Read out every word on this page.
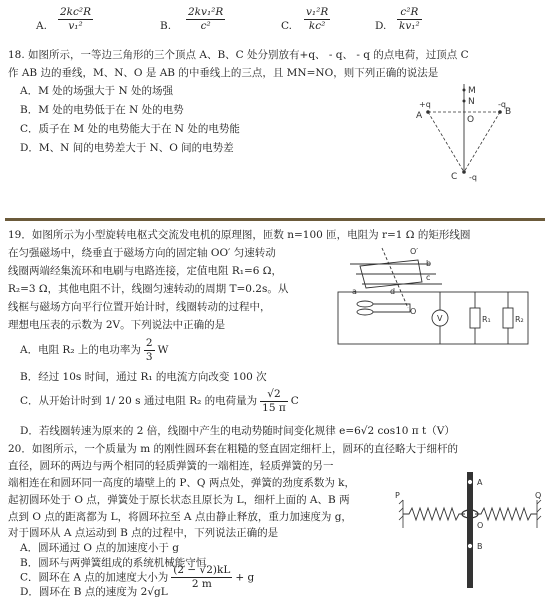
A. $\frac{\text{2kc²R}}{\text{v₁²}}$	B. $\frac{\text{2kv₁²R}}{\text{c²}}$	C. $\frac{\text{v₁²R}}{\text{kc²}}$	D. $\frac{\text{c²R}}{\text{kv₁²}}$
18. 如图所示，一等边三角形的三个顶点 A、B、C 处分别放有+q、 - q、 - q 的点电荷，过顶点 C
作 AB 边的垂线，M、N、O 是 AB 的中垂线上的三点，且 MN=NO，则下列正确的说法是
A．M 处的场强大于 N 处的场强
B．M 处的电势低于在 N 处的电势
C．质子在 M 处的电势能大于在 N 处的电势能
D．M、N 间的电势差大于 N、O 间的电势差
M
N
O
A	B
C
+q	-q
-q
19．如图所示为小型旋转电枢式交流发电机的原理图，匝数 n=100 匝，电阻为 r=1 Ω 的矩形线圈
在匀强磁场中，绕垂直于磁场方向的固定轴 OO′ 匀速转动
线圈两端经集流环和电刷与电路连接，定值电阻 R₁=6 Ω，
R₂=3 Ω，其他电阻不计，线圈匀速转动的周期 T=0.2s。从
线框与磁场方向平行位置开始计时，线圈转动的过程中，
理想电压表的示数为 2V。下列说法中正确的是
A．电阻 R₂ 上的电功率为 $\frac{2}{3}$ W
B．经过 10s 时间，通过 R₁ 的电流方向改变 100 次
C．从开始计时到 1/ 20 s 通过电阻 R₂ 的电荷量为 $\frac{√2}{15 \pi}$ C
D．若线圈转速为原来的 2 倍，线圈中产生的电动势随时间变化规律 e=6√2 cos10 π t（V）
O′
O
b
c
a	d
V	R₁	R₂
20．如图所示，一个质量为 m 的刚性圆环套在粗糙的竖直固定细杆上，圆环的直径略大于细杆的
直径，圆环的两边与两个相同的轻质弹簧的一端相连，轻质弹簧的另一
端相连在和圆环同一高度的墙壁上的 P、Q 两点处，弹簧的劲度系数为 k，
起初圆环处于 O 点，弹簧处于原长状态且原长为 L，细杆上面的 A、B 两
点到 O 点的距离都为 L，将圆环拉至 A 点由静止释放，重力加速度为 g，
对于圆环从 A 点运动到 B 点的过程中，下列说法正确的是
A．圆环通过 O 点的加速度小于 g
B．圆环与两弹簧组成的系统机械能守恒
C．圆环在 A 点的加速度大小为 $\frac{(2 - √2)kL}{2 m} + g$
D．圆环在 B 点的速度为 2√gL
A
O
B
P	Q
